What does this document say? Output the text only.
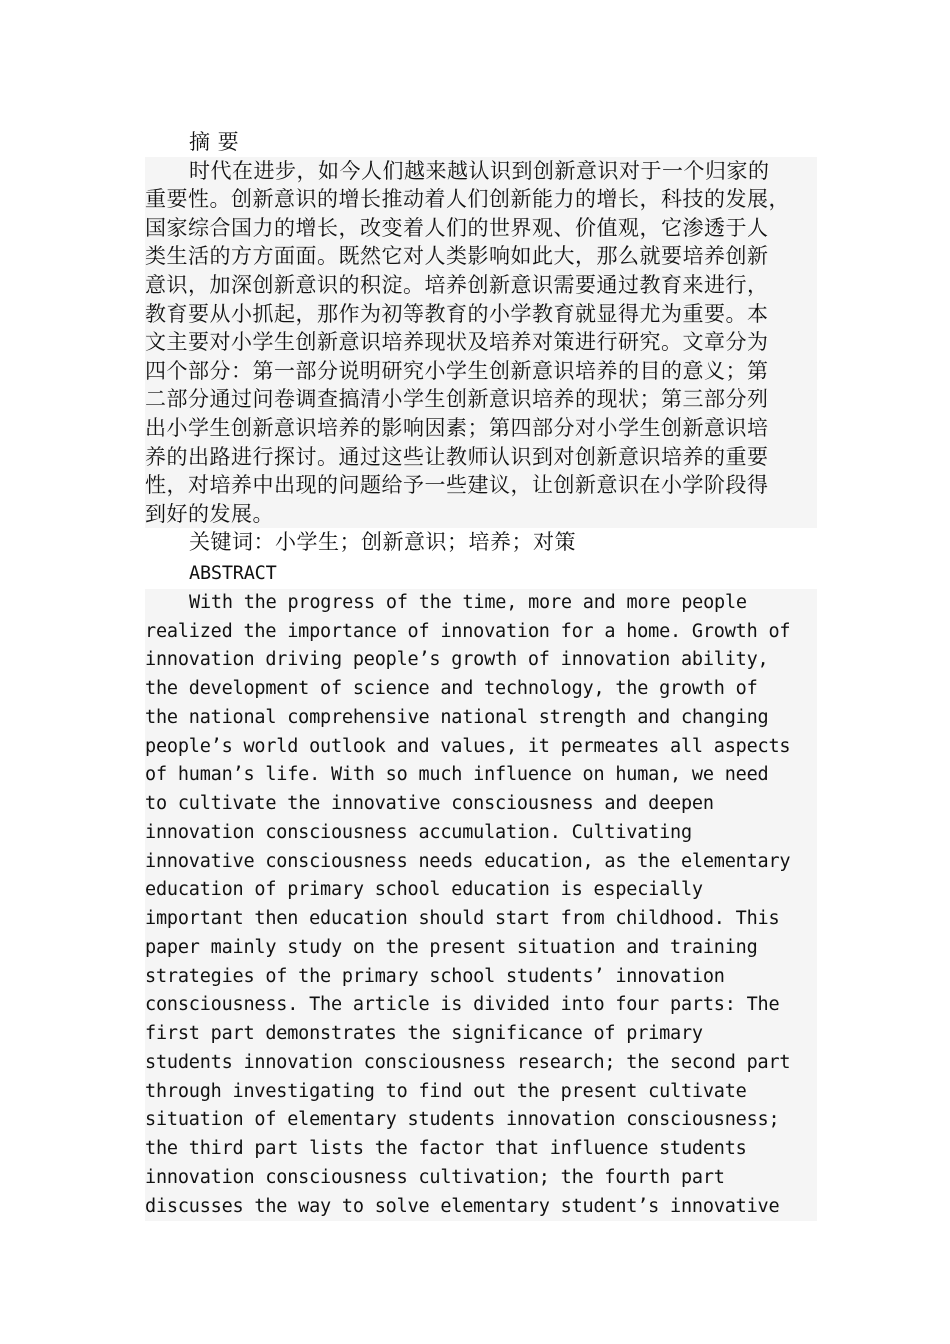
摘 要
时代在进步，如今人们越来越认识到创新意识对于一个归家的
重要性。创新意识的增长推动着人们创新能力的增长，科技的发展，
国家综合国力的增长，改变着人们的世界观、价值观，它渗透于人
类生活的方方面面。既然它对人类影响如此大，那么就要培养创新
意识，加深创新意识的积淀。培养创新意识需要通过教育来进行，
教育要从小抓起，那作为初等教育的小学教育就显得尤为重要。本
文主要对小学生创新意识培养现状及培养对策进行研究。文章分为
四个部分：第一部分说明研究小学生创新意识培养的目的意义；第
二部分通过问卷调查搞清小学生创新意识培养的现状；第三部分列
出小学生创新意识培养的影响因素；第四部分对小学生创新意识培
养的出路进行探讨。通过这些让教师认识到对创新意识培养的重要
性，对培养中出现的问题给予一些建议，让创新意识在小学阶段得
到好的发展。
关键词：小学生；创新意识；培养；对策
ABSTRACT
With the progress of the time, more and more people
realized the importance of innovation for a home. Growth of
innovation driving people’s growth of innovation ability,
the development of science and technology, the growth of
the national comprehensive national strength and changing
people’s world outlook and values, it permeates all aspects
of human’s life. With so much influence on human, we need
to cultivate the innovative consciousness and deepen
innovation consciousness accumulation. Cultivating
innovative consciousness needs education, as the elementary
education of primary school education is especially
important then education should start from childhood. This
paper mainly study on the present situation and training
strategies of the primary school students’ innovation
consciousness. The article is divided into four parts: The
first part demonstrates the significance of primary
students innovation consciousness research; the second part
through investigating to find out the present cultivate
situation of elementary students innovation consciousness;
the third part lists the factor that influence students
innovation consciousness cultivation; the fourth part
discusses the way to solve elementary student’s innovative
